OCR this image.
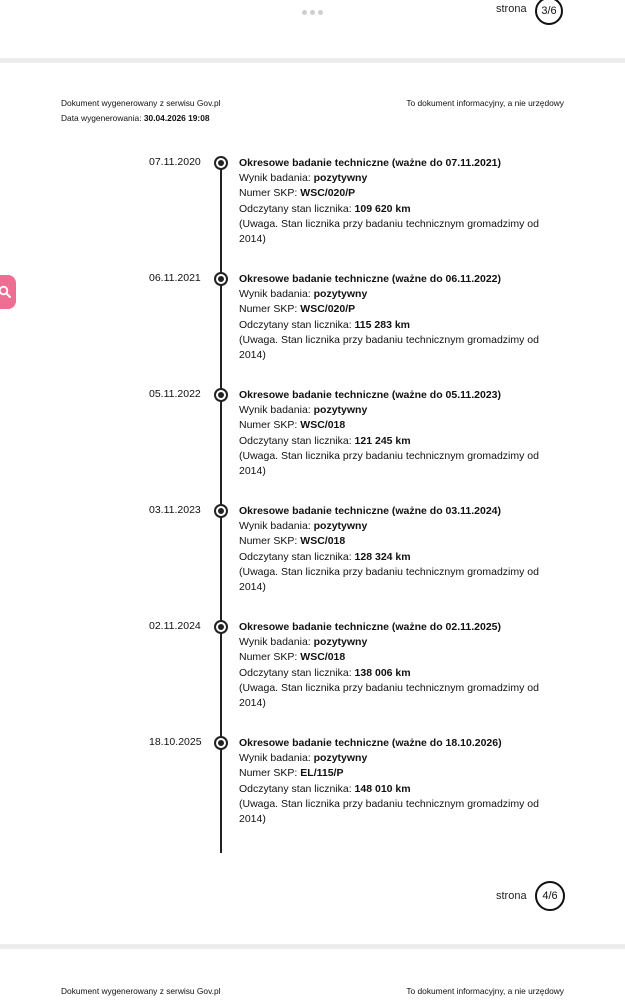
strona	3/6
Dokument wygenerowany z serwisu Gov.pl
Data wygenerowania: 30.04.2026 19:08
To dokument informacyjny, a nie urzędowy
07.11.2020	Okresowe badanie techniczne (ważne do 07.11.2021)
Wynik badania: pozytywny
Numer SKP: WSC/020/P
Odczytany stan licznika: 109 620 km
(Uwaga. Stan licznika przy badaniu technicznym gromadzimy od 2014)
06.11.2021	Okresowe badanie techniczne (ważne do 06.11.2022)
Wynik badania: pozytywny
Numer SKP: WSC/020/P
Odczytany stan licznika: 115 283 km
(Uwaga. Stan licznika przy badaniu technicznym gromadzimy od 2014)
05.11.2022	Okresowe badanie techniczne (ważne do 05.11.2023)
Wynik badania: pozytywny
Numer SKP: WSC/018
Odczytany stan licznika: 121 245 km
(Uwaga. Stan licznika przy badaniu technicznym gromadzimy od 2014)
03.11.2023	Okresowe badanie techniczne (ważne do 03.11.2024)
Wynik badania: pozytywny
Numer SKP: WSC/018
Odczytany stan licznika: 128 324 km
(Uwaga. Stan licznika przy badaniu technicznym gromadzimy od 2014)
02.11.2024	Okresowe badanie techniczne (ważne do 02.11.2025)
Wynik badania: pozytywny
Numer SKP: WSC/018
Odczytany stan licznika: 138 006 km
(Uwaga. Stan licznika przy badaniu technicznym gromadzimy od 2014)
18.10.2025	Okresowe badanie techniczne (ważne do 18.10.2026)
Wynik badania: pozytywny
Numer SKP: EL/115/P
Odczytany stan licznika: 148 010 km
(Uwaga. Stan licznika przy badaniu technicznym gromadzimy od 2014)
strona	4/6
Dokument wygenerowany z serwisu Gov.pl	To dokument informacyjny, a nie urzędowy
